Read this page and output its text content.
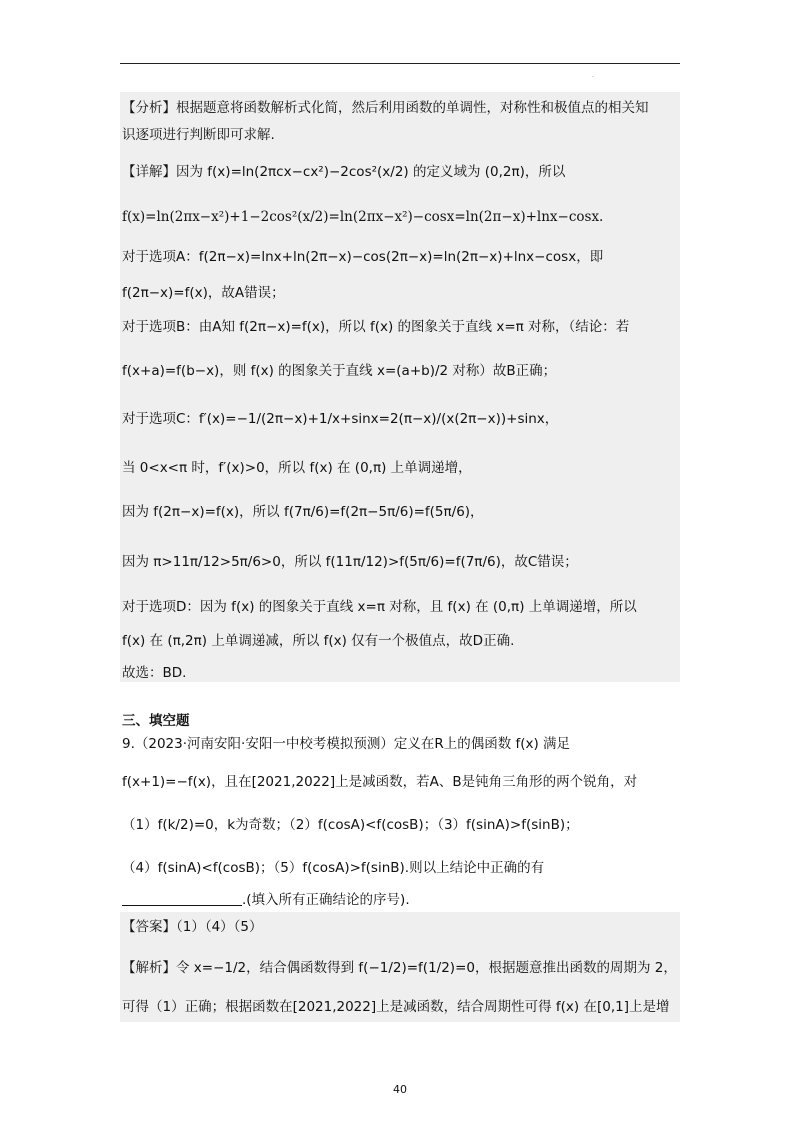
.
【分析】根据题意将函数解析式化简，然后利用函数的单调性，对称性和极值点的相关知
识逐项进行判断即可求解.
【详解】因为 f(x)=ln(2πcx−cx²)−2cos²(x/2) 的定义域为 (0,2π)，所以
f(x)=ln(2πx−x²)+1−2cos²(x/2)=ln(2πx−x²)−cosx=ln(2π−x)+lnx−cosx.
对于选项A：f(2π−x)=lnx+ln(2π−x)−cos(2π−x)=ln(2π−x)+lnx−cosx，即
f(2π−x)=f(x)，故A错误；
对于选项B：由A知 f(2π−x)=f(x)，所以 f(x) 的图象关于直线 x=π 对称，（结论：若
f(x+a)=f(b−x)，则 f(x) 的图象关于直线 x=(a+b)/2 对称）故B正确；
对于选项C：f′(x)=−1/(2π−x)+1/x+sinx=2(π−x)/(x(2π−x))+sinx，
当 0<x<π 时，f′(x)>0，所以 f(x) 在 (0,π) 上单调递增，
因为 f(2π−x)=f(x)，所以 f(7π/6)=f(2π−5π/6)=f(5π/6)，
因为 π>11π/12>5π/6>0，所以 f(11π/12)>f(5π/6)=f(7π/6)，故C错误；
对于选项D：因为 f(x) 的图象关于直线 x=π 对称，且 f(x) 在 (0,π) 上单调递增，所以
f(x) 在 (π,2π) 上单调递减，所以 f(x) 仅有一个极值点，故D正确.
故选：BD.
三、填空题
9.（2023·河南安阳·安阳一中校考模拟预测）定义在R上的偶函数 f(x) 满足
f(x+1)=−f(x)，且在[2021,2022]上是减函数，若A、B是钝角三角形的两个锐角，对
（1）f(k/2)=0，k为奇数；（2）f(cosA)<f(cosB)；（3）f(sinA)>f(sinB)；
（4）f(sinA)<f(cosB)；（5）f(cosA)>f(sinB).则以上结论中正确的有
.(填入所有正确结论的序号).
【答案】（1）（4）（5）
【解析】令 x=−1/2，结合偶函数得到 f(−1/2)=f(1/2)=0，根据题意推出函数的周期为 2，
可得（1）正确；根据函数在[2021,2022]上是减函数，结合周期性可得 f(x) 在[0,1]上是增
40
